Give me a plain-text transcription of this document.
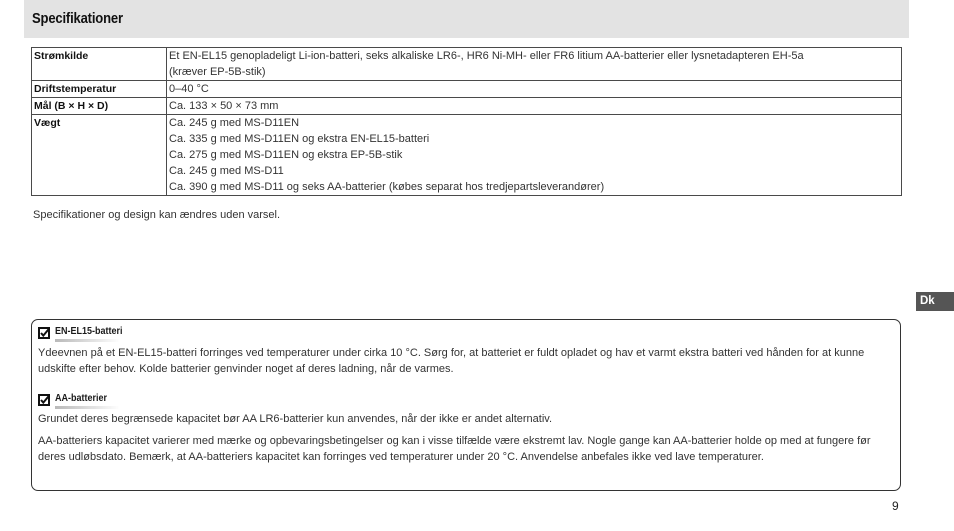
Specifikationer
Strømkilde	Et EN-EL15 genopladeligt Li-ion-batteri, seks alkaliske LR6-, HR6 Ni-MH- eller FR6 litium AA-batterier eller lysnetadapteren EH-5a
(kræver EP-5B-stik)

Driftstemperatur	0–40 °C

Mål (B × H × D)	Ca. 133 × 50 × 73 mm

Vægt	Ca. 245 g med MS-D11EN
Ca. 335 g med MS-D11EN og ekstra EN-EL15-batteri
Ca. 275 g med MS-D11EN og ekstra EP-5B-stik
Ca. 245 g med MS-D11
Ca. 390 g med MS-D11 og seks AA-batterier (købes separat hos tredjepartsleverandører)
Specifikationer og design kan ændres uden varsel.
Dk
EN-EL15-batteri

Ydeevnen på et EN-EL15-batteri forringes ved temperaturer under cirka 10 °C. Sørg for, at batteriet er fuldt opladet og hav et varmt ekstra batteri ved hånden for at kunne udskifte efter behov. Kolde batterier genvinder noget af deres ladning, når de varmes.

AA-batterier

Grundet deres begrænsede kapacitet bør AA LR6-batterier kun anvendes, når der ikke er andet alternativ.

AA-batteriers kapacitet varierer med mærke og opbevaringsbetingelser og kan i visse tilfælde være ekstremt lav. Nogle gange kan AA-batterier holde op med at fungere før deres udløbsdato. Bemærk, at AA-batteriers kapacitet kan forringes ved temperaturer under 20 °C. Anvendelse anbefales ikke ved lave temperaturer.

9
